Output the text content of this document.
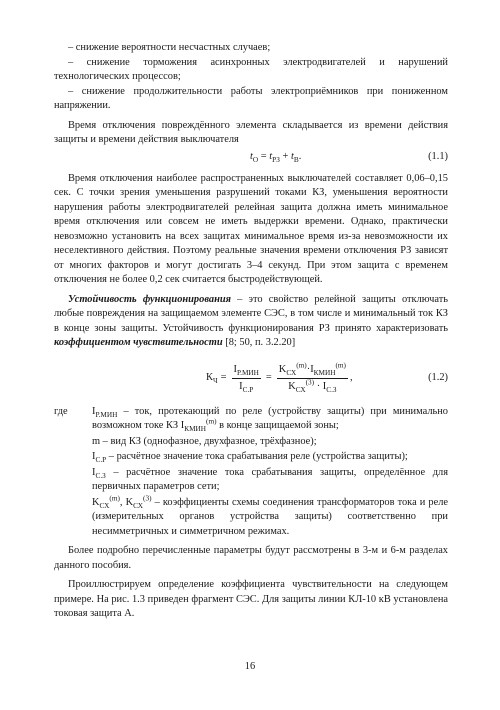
– снижение вероятности несчастных случаев;

– снижение торможения асинхронных электродвигателей и нарушений технологических процессов;

– снижение продолжительности работы электроприёмников при пониженном напряжении.

Время отключения повреждённого элемента складывается из времени действия защиты и времени действия выключателя

$t_О = t_{РЗ} + t_В$.	(1.1)

Время отключения наиболее распространенных выключателей составляет 0,06–0,15 сек. С точки зрения уменьшения разрушений токами КЗ, уменьшения вероятности нарушения работы электродвигателей релейная защита должна иметь минимальное время отключения или совсем не иметь выдержки времени. Однако, практически невозможно установить на всех защитах минимальное время из-за невозможности их неселективного действия. Поэтому реальные значения времени отключения РЗ зависят от многих факторов и могут достигать 3–4 секунд. При этом защита с временем отключения не более 0,2 сек считается быстродействующей.

Устойчивость функционирования – это свойство релейной защиты отключать любые повреждения на защищаемом элементе СЭС, в том числе и минимальный ток КЗ в конце зоны защиты. Устойчивость функционирования РЗ принято характеризовать коэффициентом чувствительности [8; 50, п. 3.2.20]

$К_Ч = \frac{I_{Р.МИН}}{I_{С.Р}} = \frac{K_{СХ}^{(m)}\cdot I_{КМИН}^{(m)}}{K_{СХ}^{(3)} \cdot I_{С.З}}$ ,	(1.2)
где $I_{Р.МИН}$ – ток, протекающий по реле (устройству защиты) при минимально возможном токе КЗ $I_{КМИН}^{(m)}$ в конце защищаемой зоны;

m – вид КЗ (однофазное, двухфазное, трёхфазное);

$I_{С.Р}$ – расчётное значение тока срабатывания реле (устройства защиты);

$I_{С.З}$ – расчётное значение тока срабатывания защиты, определённое для первичных параметров сети;

$K_{СХ}^{(m)}$, $K_{СХ}^{(3)}$ – коэффициенты схемы соединения трансформаторов тока и реле (измерительных органов устройства защиты) соответственно при несимметричных и симметричном режимах.

Более подробно перечисленные параметры будут рассмотрены в 3-м и 6-м разделах данного пособия.

Проиллюстрируем определение коэффициента чувствительности на следующем примере. На рис. 1.3 приведен фрагмент СЭС. Для защиты линии КЛ-10 кВ установлена токовая защита А.

16
